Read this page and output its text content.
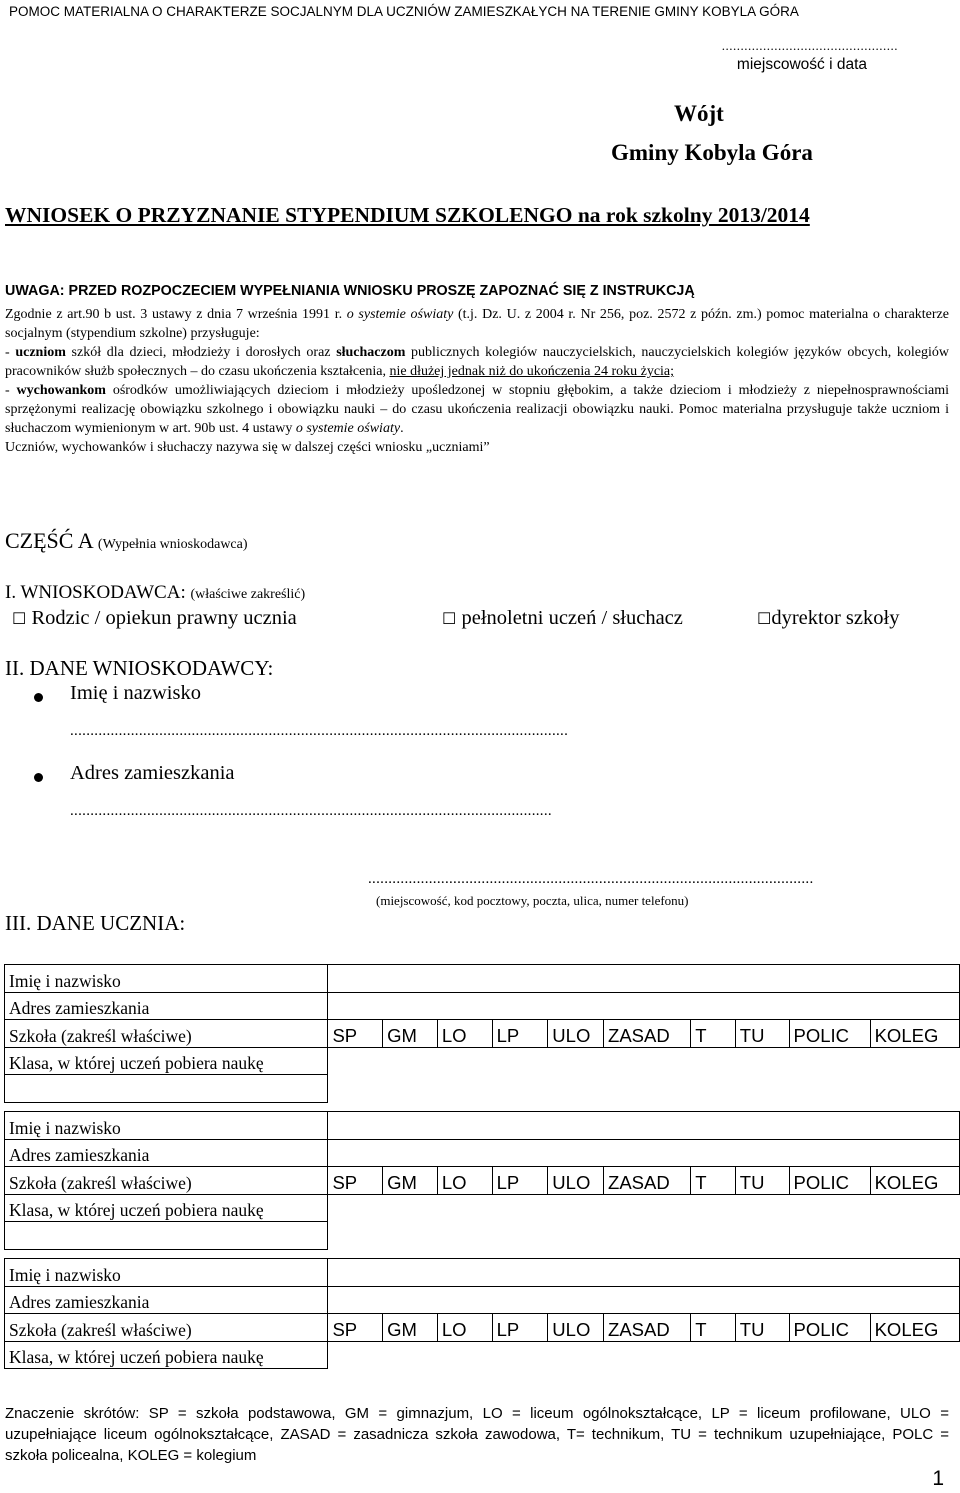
POMOC MATERIALNA O CHARAKTERZE SOCJALNYM DLA UCZNIÓW ZAMIESZKAŁYCH NA TERENIE GMINY KOBYLA GÓRA
...............................................
miejscowość i data
Wójt
Gminy Kobyla Góra
WNIOSEK O PRZYZNANIE STYPENDIUM SZKOLENGO na rok szkolny 2013/2014
UWAGA: PRZED ROZPOCZECIEM WYPEŁNIANIA WNIOSKU PROSZĘ ZAPOZNAĆ SIĘ Z INSTRUKCJĄ

Zgodnie z art.90 b ust. 3 ustawy z dnia 7 września 1991 r. o systemie oświaty (t.j. Dz. U. z 2004 r. Nr 256, poz. 2572 z późn. zm.) pomoc materialna o charakterze socjalnym (stypendium szkolne) przysługuje:

- uczniom szkół dla dzieci, młodzieży i dorosłych oraz słuchaczom publicznych kolegiów nauczycielskich, nauczycielskich kolegiów języków obcych, kolegiów pracowników służb społecznych – do czasu ukończenia kształcenia, nie dłużej jednak niż do ukończenia 24 roku życia;

- wychowankom ośrodków umożliwiających dzieciom i młodzieży upośledzonej w stopniu głębokim, a także dzieciom i młodzieży z niepełnosprawnościami sprzężonymi realizację obowiązku szkolnego i obowiązku nauki – do czasu ukończenia realizacji obowiązku nauki. Pomoc materialna przysługuje także uczniom i słuchaczom wymienionym w art. 90b ust. 4 ustawy o systemie oświaty.

Uczniów, wychowanków i słuchaczy nazywa się w dalszej części wniosku „uczniami”

CZĘŚĆ A (Wypełnia wnioskodawca)
I. WNIOSKODAWCA: (właściwe zakreślić)
☐ Rodzic / opiekun prawny ucznia	☐ pełnoletni uczeń / słuchacz	☐dyrektor szkoły
II. DANE WNIOSKODAWCY:
Imię i nazwisko
...........................................................................................................................
Adres zamieszkania
.......................................................................................................................
..............................................................................................................
(miejscowość, kod pocztowy, poczta, ulica, numer telefonu)
III. DANE UCZNIA:
Imię i nazwisko										
Adres zamieszkania										
Szkoła (zakreśl właściwe)	SP	GM	LO	LP	ULO	ZASAD	T	TU	POLIC	KOLEG
Klasa, w której uczeń pobiera naukę										

Imię i nazwisko										
Adres zamieszkania										
Szkoła (zakreśl właściwe)	SP	GM	LO	LP	ULO	ZASAD	T	TU	POLIC	KOLEG
Klasa, w której uczeń pobiera naukę										

Imię i nazwisko										
Adres zamieszkania										
Szkoła (zakreśl właściwe)	SP	GM	LO	LP	ULO	ZASAD	T	TU	POLIC	KOLEG
Klasa, w której uczeń pobiera naukę										
Znaczenie skrótów: SP = szkoła podstawowa, GM = gimnazjum, LO = liceum ogólnokształcące, LP = liceum profilowane, ULO = uzupełniające liceum ogólnokształcące, ZASAD = zasadnicza szkoła zawodowa, T= technikum, TU = technikum uzupełniające, POLC = szkoła policealna, KOLEG = kolegium
1
